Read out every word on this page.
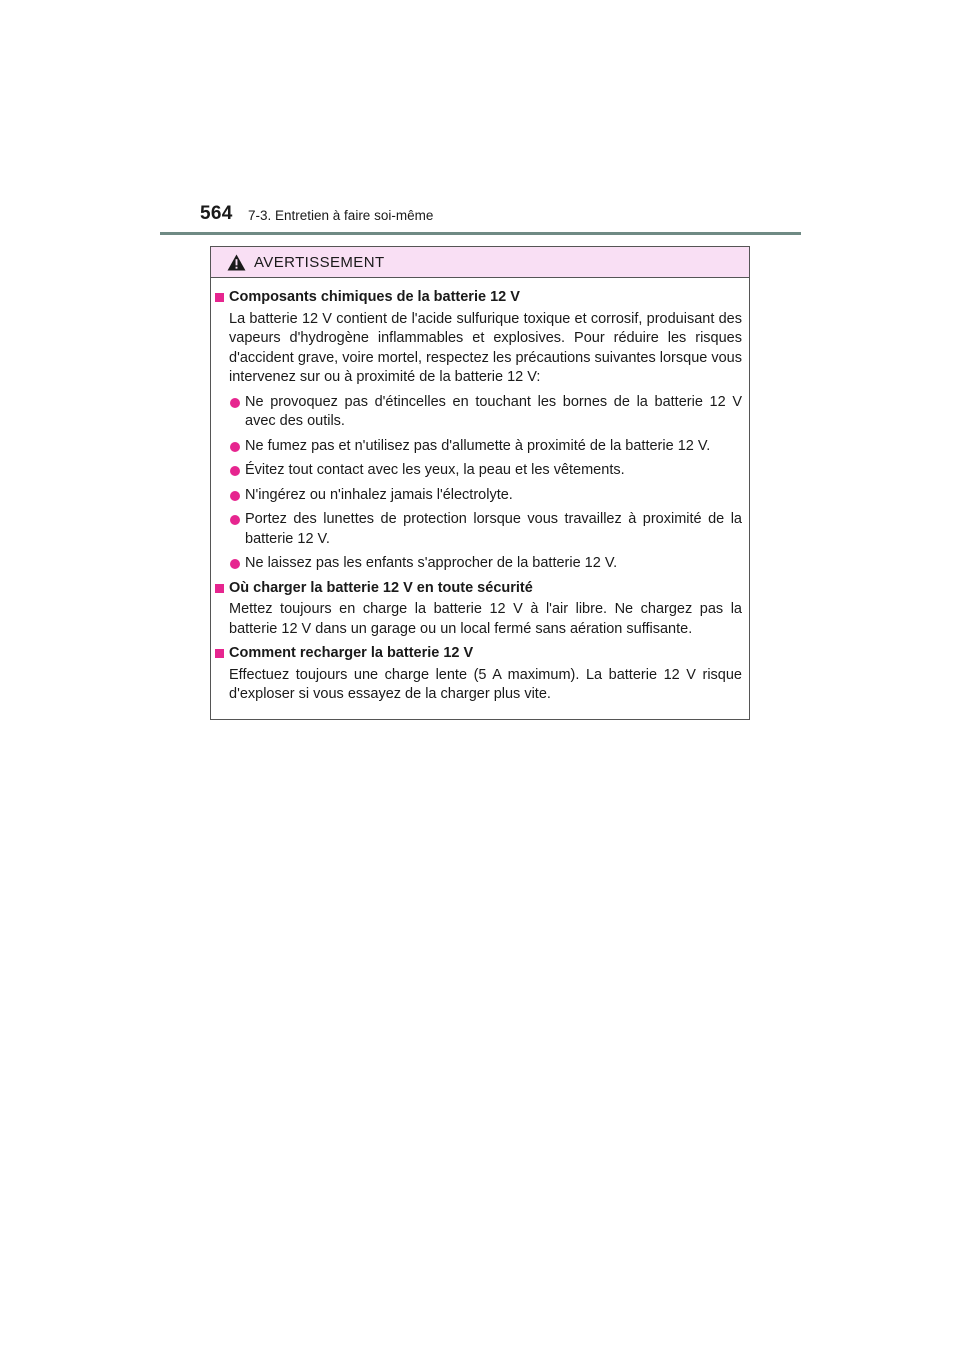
564 7-3. Entretien à faire soi-même
AVERTISSEMENT
Composants chimiques de la batterie 12 V

La batterie 12 V contient de l'acide sulfurique toxique et corrosif, produisant des vapeurs d'hydrogène inflammables et explosives. Pour réduire les risques d'accident grave, voire mortel, respectez les précautions suivantes lorsque vous intervenez sur ou à proximité de la batterie 12 V:

Ne provoquez pas d'étincelles en touchant les bornes de la batterie 12 V avec des outils.
Ne fumez pas et n'utilisez pas d'allumette à proximité de la batterie 12 V.
Évitez tout contact avec les yeux, la peau et les vêtements.
N'ingérez ou n'inhalez jamais l'électrolyte.
Portez des lunettes de protection lorsque vous travaillez à proximité de la batterie 12 V.
Ne laissez pas les enfants s'approcher de la batterie 12 V.
Où charger la batterie 12 V en toute sécurité

Mettez toujours en charge la batterie 12 V à l'air libre. Ne chargez pas la batterie 12 V dans un garage ou un local fermé sans aération suffisante.

Comment recharger la batterie 12 V

Effectuez toujours une charge lente (5 A maximum). La batterie 12 V risque d'exploser si vous essayez de la charger plus vite.
